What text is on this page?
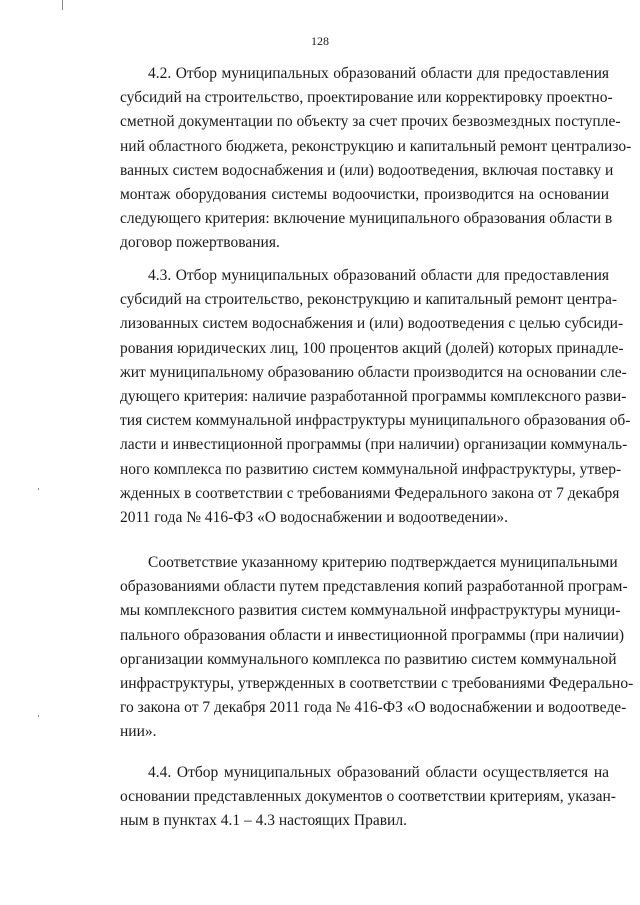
128
4.2. Отбор муниципальных образований области для предоставления
субсидий на строительство, проектирование или корректировку проектно-
сметной документации по объекту за счет прочих безвозмездных поступле-
ний областного бюджета, реконструкцию и капитальный ремонт централизо-
ванных систем водоснабжения и (или) водоотведения, включая поставку и
монтаж оборудования системы водоочистки, производится на основании
следующего критерия: включение муниципального образования области в
договор пожертвования.
4.3. Отбор муниципальных образований области для предоставления
субсидий на строительство, реконструкцию и капитальный ремонт центра-
лизованных систем водоснабжения и (или) водоотведения с целью субсиди-
рования юридических лиц, 100 процентов акций (долей) которых принадле-
жит муниципальному образованию области производится на основании сле-
дующего критерия: наличие разработанной программы комплексного разви-
тия систем коммунальной инфраструктуры муниципального образования об-
ласти и инвестиционной программы (при наличии) организации коммуналь-
ного комплекса по развитию систем коммунальной инфраструктуры, утвер-
жденных в соответствии с требованиями Федерального закона от 7 декабря
2011 года № 416-ФЗ «О водоснабжении и водоотведении».
Соответствие указанному критерию подтверждается муниципальными
образованиями области путем представления копий разработанной програм-
мы комплексного развития систем коммунальной инфраструктуры муници-
пального образования области и инвестиционной программы (при наличии)
организации коммунального комплекса по развитию систем коммунальной
инфраструктуры, утвержденных в соответствии с требованиями Федерально-
го закона от 7 декабря 2011 года № 416-ФЗ «О водоснабжении и водоотведе-
нии».
4.4. Отбор муниципальных образований области осуществляется на
основании представленных документов о соответствии критериям, указан-
ным в пунктах 4.1 – 4.3 настоящих Правил.
